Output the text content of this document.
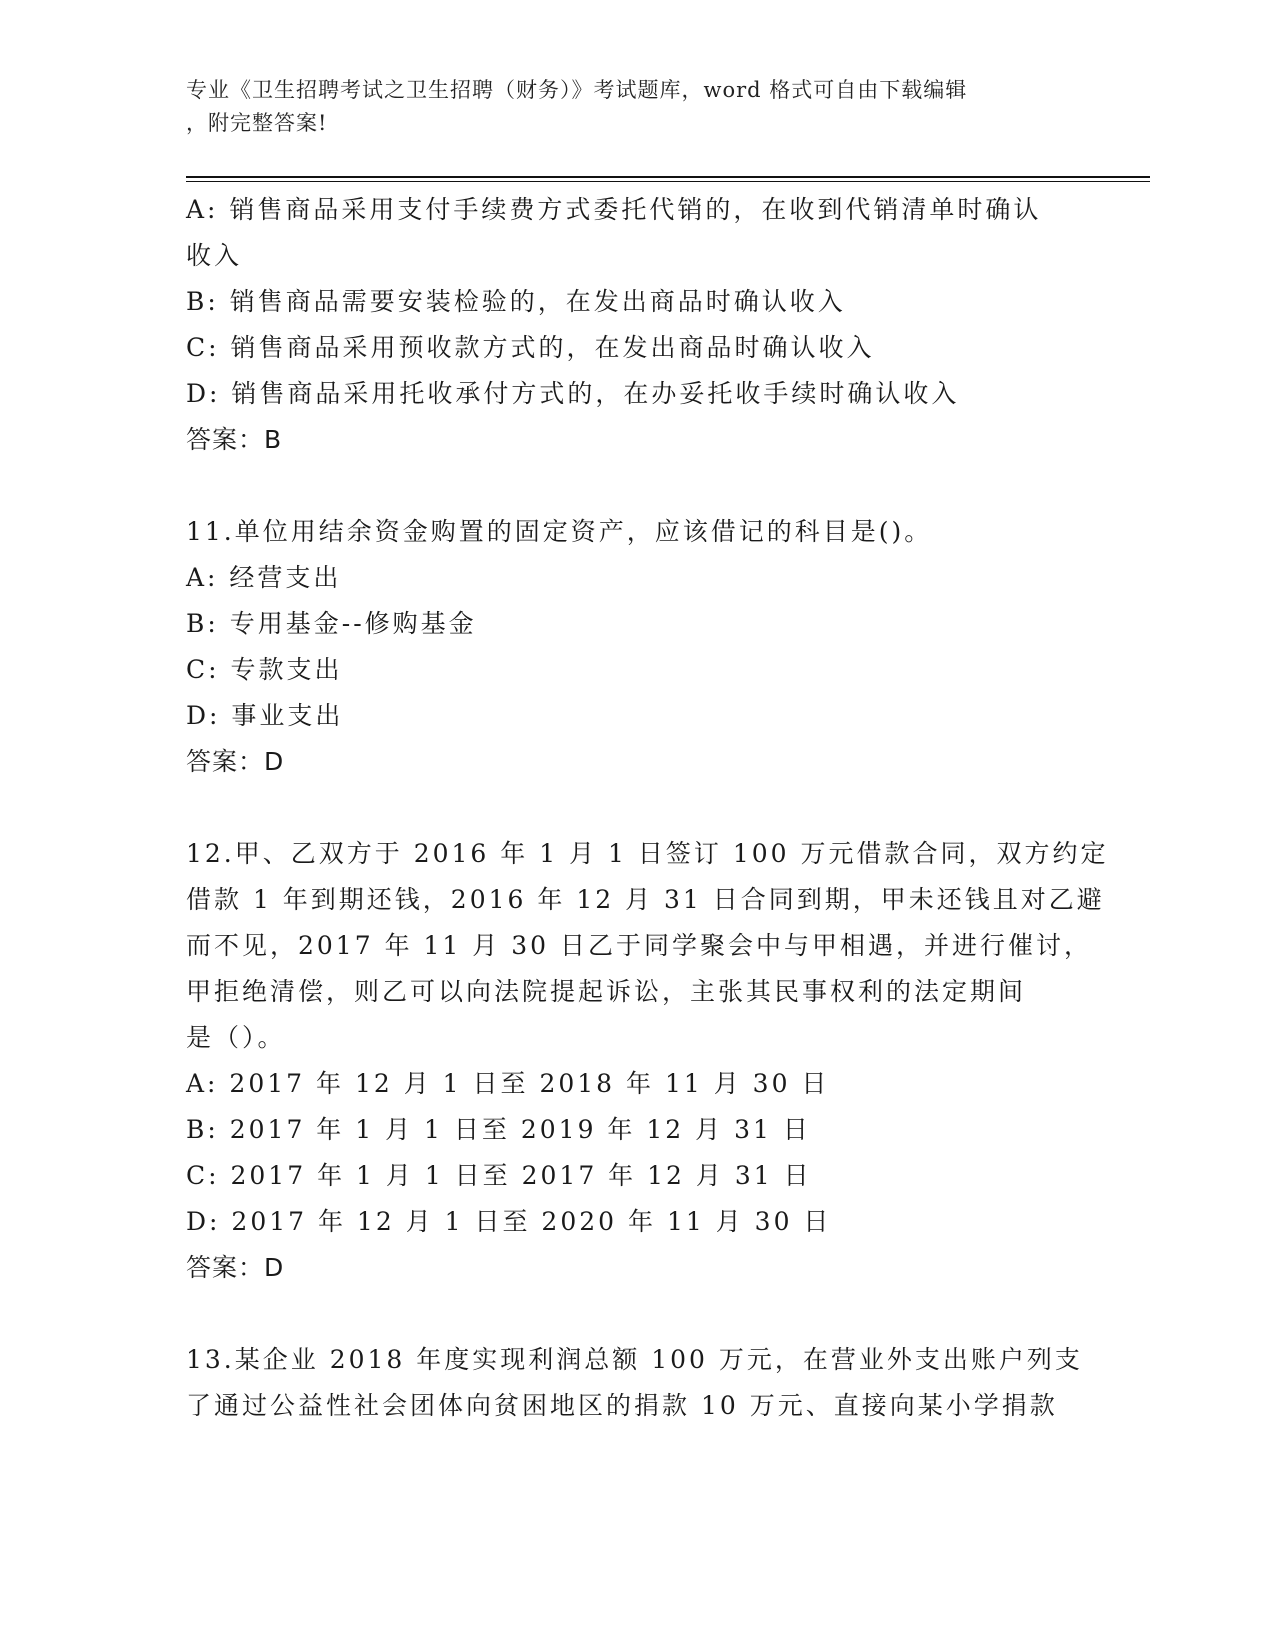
专业《卫生招聘考试之卫生招聘（财务）》考试题库，word 格式可自由下载编辑
，附完整答案!
A: 销售商品采用支付手续费方式委托代销的，在收到代销清单时确认
收入
B: 销售商品需要安装检验的，在发出商品时确认收入
C: 销售商品采用预收款方式的，在发出商品时确认收入
D: 销售商品采用托收承付方式的，在办妥托收手续时确认收入
答案：B
11.单位用结余资金购置的固定资产，应该借记的科目是()。
A: 经营支出
B: 专用基金--修购基金
C: 专款支出
D: 事业支出
答案：D
12.甲、乙双方于 2016 年 1 月 1 日签订 100 万元借款合同，双方约定
借款 1 年到期还钱，2016 年 12 月 31 日合同到期，甲未还钱且对乙避
而不见，2017 年 11 月 30 日乙于同学聚会中与甲相遇，并进行催讨，
甲拒绝清偿，则乙可以向法院提起诉讼，主张其民事权利的法定期间
是（）。
A: 2017 年 12 月 1 日至 2018 年 11 月 30 日
B: 2017 年 1 月 1 日至 2019 年 12 月 31 日
C: 2017 年 1 月 1 日至 2017 年 12 月 31 日
D: 2017 年 12 月 1 日至 2020 年 11 月 30 日
答案：D
13.某企业 2018 年度实现利润总额 100 万元，在营业外支出账户列支
了通过公益性社会团体向贫困地区的捐款 10 万元、直接向某小学捐款
